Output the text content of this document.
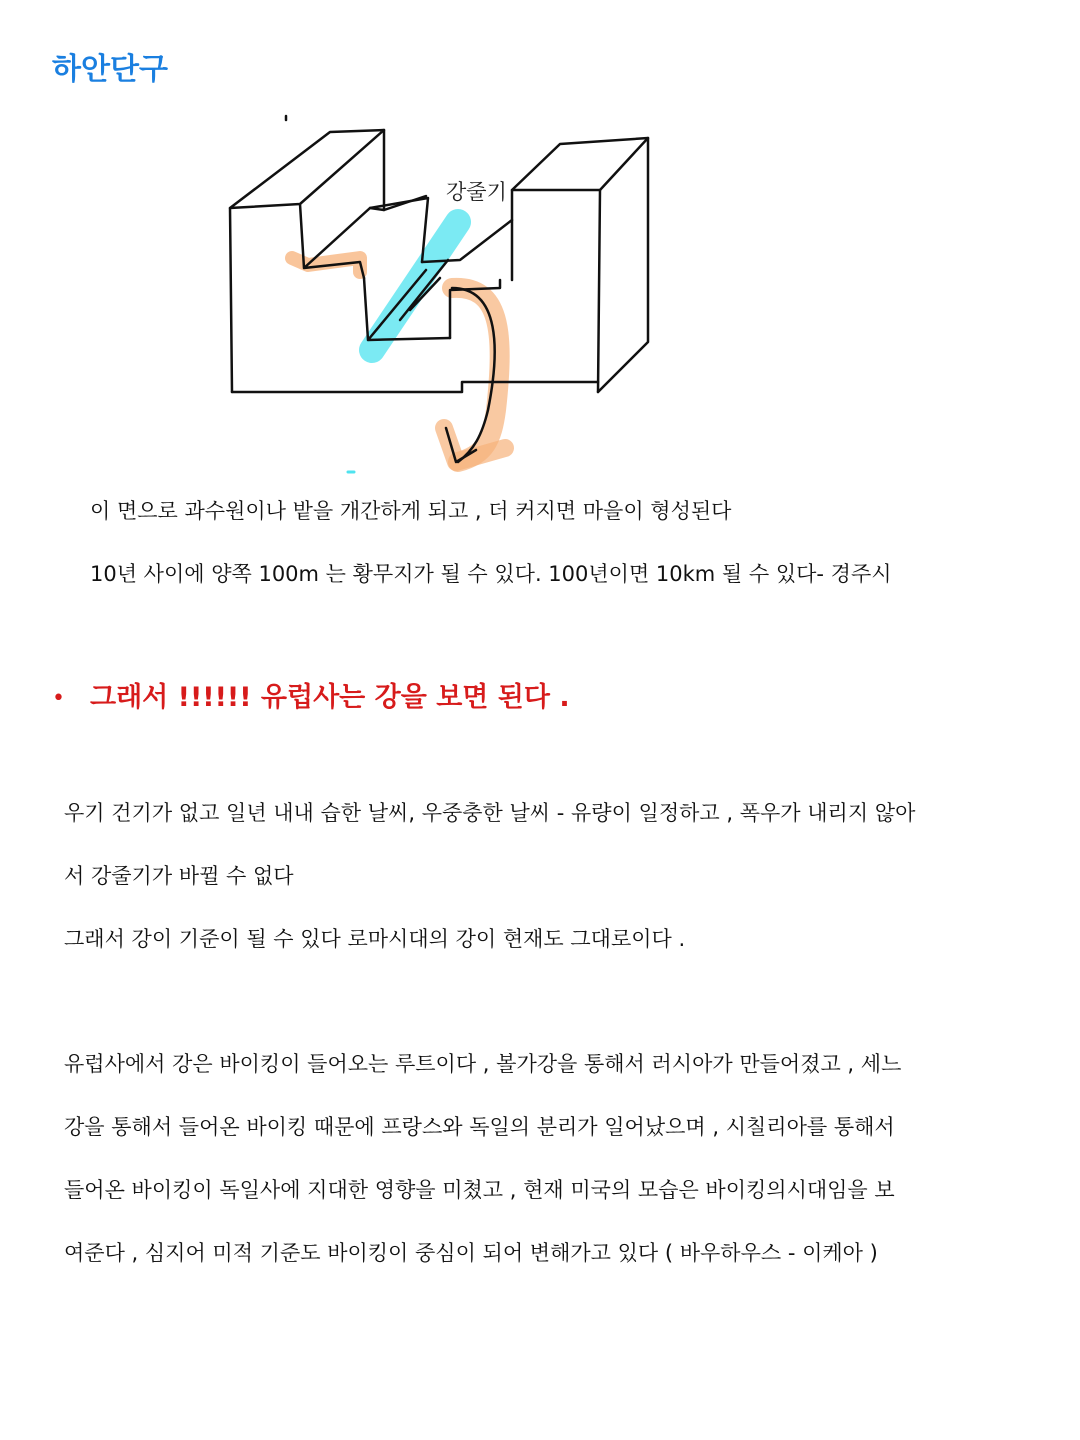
하안단구
강줄기

이 면으로 과수원이나 밭을 개간하게 되고 , 더 커지면 마을이 형성된다

10년 사이에 양쪽 100m 는 황무지가 될 수 있다. 100년이면 10km 될 수 있다- 경주시

• 그래서 !!!!!! 유럽사는 강을 보면 된다 .

우기 건기가 없고 일년 내내 습한 날씨, 우중충한 날씨 - 유량이 일정하고 , 폭우가 내리지 않아

서 강줄기가 바뀔 수 없다

그래서 강이 기준이 될 수 있다 로마시대의 강이 현재도 그대로이다 .

유럽사에서 강은 바이킹이 들어오는 루트이다 , 볼가강을 통해서 러시아가 만들어졌고 , 세느

강을 통해서 들어온 바이킹 때문에 프랑스와 독일의 분리가 일어났으며 , 시칠리아를 통해서

들어온 바이킹이 독일사에 지대한 영향을 미쳤고 , 현재 미국의 모습은 바이킹의시대임을 보

여준다 , 심지어 미적 기준도 바이킹이 중심이 되어 변해가고 있다 ( 바우하우스 - 이케아 )
